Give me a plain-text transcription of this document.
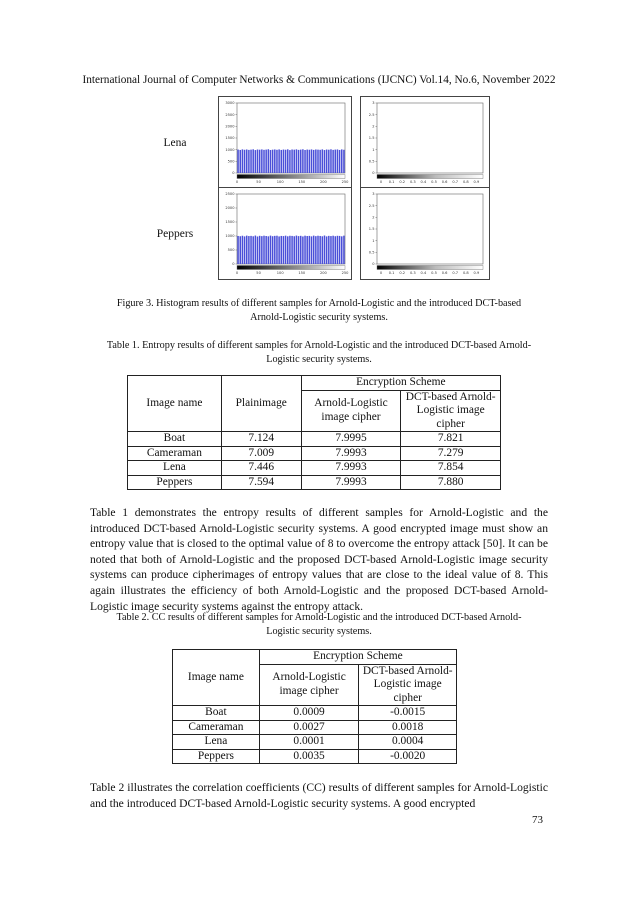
International Journal of Computer Networks & Communications (IJCNC) Vol.14, No.6, November 2022
Lena
Peppers
3000
2500
2000
1500
1000
500
0
0	50	100	150	200	250
2500
2000
1500
1000
500
0
0	50	100	150	200	250
3
2.5
2
1.5
1
0.5
0
0 0.1 0.2 0.3 0.4 0.5 0.6 0.7 0.8 0.9
3
2.5
2
1.5
1
0.5
0
0 0.1 0.2 0.3 0.4 0.5 0.6 0.7 0.8 0.9
Figure 3. Histogram results of different samples for Arnold-Logistic and the introduced DCT-based
Arnold-Logistic security systems.
Table 1. Entropy results of different samples for Arnold-Logistic and the introduced DCT-based Arnold-
Logistic security systems.
Image name	Plainimage	Encryption Scheme	
		Arnold-Logistic image cipher	DCT-based Arnold-Logistic image cipher
Boat	7.124	7.9995	7.821
Cameraman	7.009	7.9993	7.279
Lena	7.446	7.9993	7.854
Peppers	7.594	7.9993	7.880
Table 1 demonstrates the entropy results of different samples for Arnold-Logistic and the introduced DCT-based Arnold-Logistic security systems. A good encrypted image must show an entropy value that is closed to the optimal value of 8 to overcome the entropy attack [50]. It can be noted that both of Arnold-Logistic and the proposed DCT-based Arnold-Logistic image security systems can produce cipherimages of entropy values that are close to the ideal value of 8. This again illustrates the efficiency of both Arnold-Logistic and the proposed DCT-based Arnold-Logistic image security systems against the entropy attack.
Table 2. CC results of different samples for Arnold-Logistic and the introduced DCT-based Arnold-
Logistic security systems.
Image name	Encryption Scheme	
	Arnold-Logistic image cipher	DCT-based Arnold-Logistic image cipher
Boat	0.0009	-0.0015
Cameraman	0.0027	0.0018
Lena	0.0001	0.0004
Peppers	0.0035	-0.0020
Table 2 illustrates the correlation coefficients (CC) results of different samples for Arnold-Logistic and the introduced DCT-based Arnold-Logistic security systems. A good encrypted
73
